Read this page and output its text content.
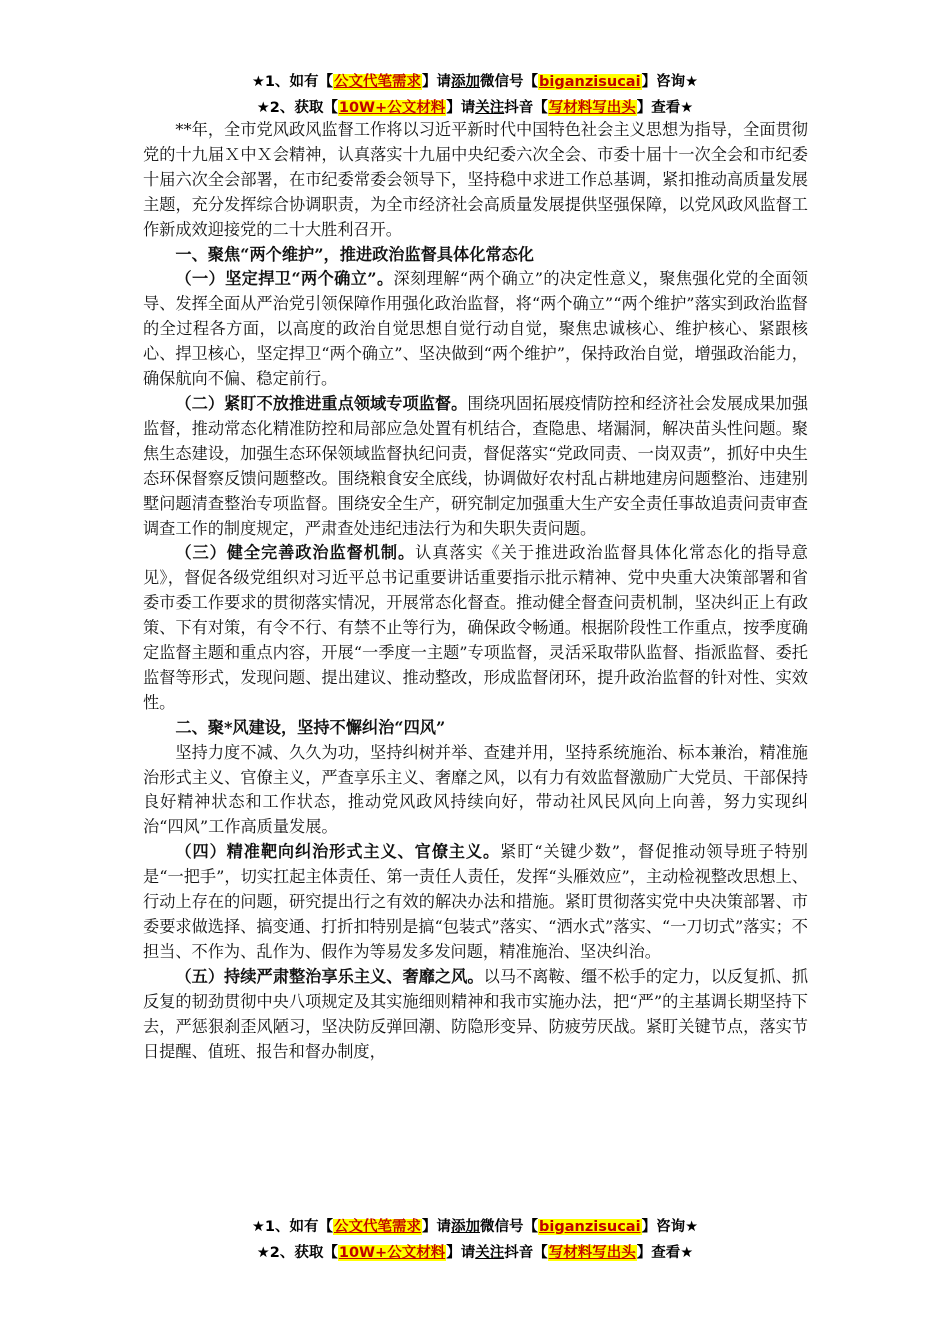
★1、如有【公文代笔需求】请添加微信号【biganzisucai】咨询★
★2、获取【10W+公文材料】请关注抖音【写材料写出头】查看★

**年，全市党风政风监督工作将以习近平新时代中国特色社会主义思想为指导，全面贯彻党的十九届Ｘ中Ｘ会精神，认真落实十九届中央纪委六次全会、市委十届十一次全会和市纪委十届六次全会部署，在市纪委常委会领导下，坚持稳中求进工作总基调，紧扣推动高质量发展主题，充分发挥综合协调职责，为全市经济社会高质量发展提供坚强保障，以党风政风监督工作新成效迎接党的二十大胜利召开。

一、聚焦“两个维护”，推进政治监督具体化常态化

（一）坚定捍卫“两个确立”。深刻理解“两个确立”的决定性意义，聚焦强化党的全面领导、发挥全面从严治党引领保障作用强化政治监督，将“两个确立”“两个维护”落实到政治监督的全过程各方面，以高度的政治自觉思想自觉行动自觉，聚焦忠诚核心、维护核心、紧跟核心、捍卫核心，坚定捍卫“两个确立”、坚决做到“两个维护”，保持政治自觉，增强政治能力，确保航向不偏、稳定前行。

（二）紧盯不放推进重点领域专项监督。围绕巩固拓展疫情防控和经济社会发展成果加强监督，推动常态化精准防控和局部应急处置有机结合，查隐患、堵漏洞，解决苗头性问题。聚焦生态建设，加强生态环保领域监督执纪问责，督促落实“党政同责、一岗双责”，抓好中央生态环保督察反馈问题整改。围绕粮食安全底线，协调做好农村乱占耕地建房问题整治、违建别墅问题清查整治专项监督。围绕安全生产，研究制定加强重大生产安全责任事故追责问责审查调查工作的制度规定，严肃查处违纪违法行为和失职失责问题。

（三）健全完善政治监督机制。认真落实《关于推进政治监督具体化常态化的指导意见》，督促各级党组织对习近平总书记重要讲话重要指示批示精神、党中央重大决策部署和省委市委工作要求的贯彻落实情况，开展常态化督查。推动健全督查问责机制，坚决纠正上有政策、下有对策，有令不行、有禁不止等行为，确保政令畅通。根据阶段性工作重点，按季度确定监督主题和重点内容，开展“一季度一主题”专项监督，灵活采取带队监督、指派监督、委托监督等形式，发现问题、提出建议、推动整改，形成监督闭环，提升政治监督的针对性、实效性。

二、聚*风建设，坚持不懈纠治“四风”

坚持力度不减、久久为功，坚持纠树并举、查建并用，坚持系统施治、标本兼治，精准施治形式主义、官僚主义，严查享乐主义、奢靡之风，以有力有效监督激励广大党员、干部保持良好精神状态和工作状态，推动党风政风持续向好，带动社风民风向上向善，努力实现纠治“四风”工作高质量发展。

（四）精准靶向纠治形式主义、官僚主义。紧盯“关键少数”，督促推动领导班子特别是“一把手”，切实扛起主体责任、第一责任人责任，发挥“头雁效应”，主动检视整改思想上、行动上存在的问题，研究提出行之有效的解决办法和措施。紧盯贯彻落实党中央决策部署、市委要求做选择、搞变通、打折扣特别是搞“包装式”落实、“洒水式”落实、“一刀切式”落实；不担当、不作为、乱作为、假作为等易发多发问题，精准施治、坚决纠治。

（五）持续严肃整治享乐主义、奢靡之风。以马不离鞍、缰不松手的定力，以反复抓、抓反复的韧劲贯彻中央八项规定及其实施细则精神和我市实施办法，把“严”的主基调长期坚持下去，严惩狠刹歪风陋习，坚决防反弹回潮、防隐形变异、防疲劳厌战。紧盯关键节点，落实节日提醒、值班、报告和督办制度，

★1、如有【公文代笔需求】请添加微信号【biganzisucai】咨询★
★2、获取【10W+公文材料】请关注抖音【写材料写出头】查看★
